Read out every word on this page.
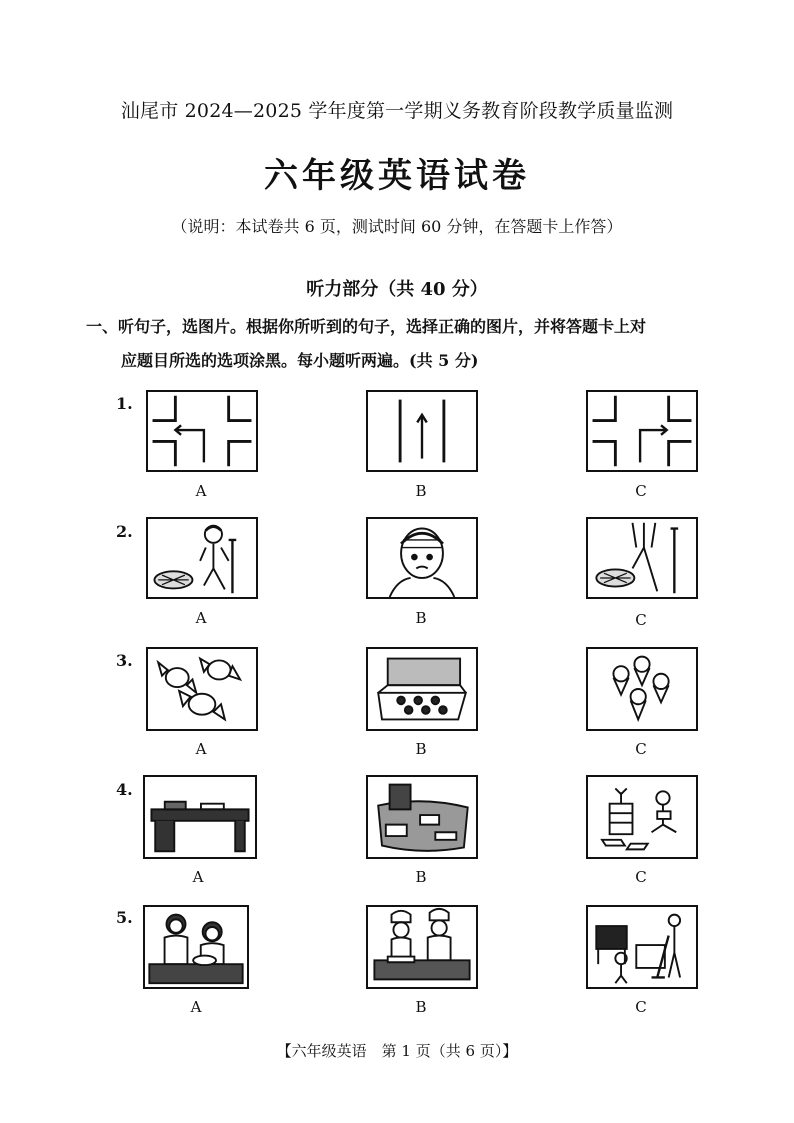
汕尾市 2024—2025 学年度第一学期义务教育阶段教学质量监测
六年级英语试卷
（说明：本试卷共 6 页，测试时间 60 分钟，在答题卡上作答）
听力部分（共 40 分）
一、听句子，选图片。根据你所听到的句子，选择正确的图片，并将答题卡上对
应题目所选的选项涂黑。每小题听两遍。(共 5 分)
1.
A	B	C
2.
A	B	C
3.
A	B	C
4.
A	B	C
5.
A	B	C
【六年级英语　第 1 页（共 6 页）】
